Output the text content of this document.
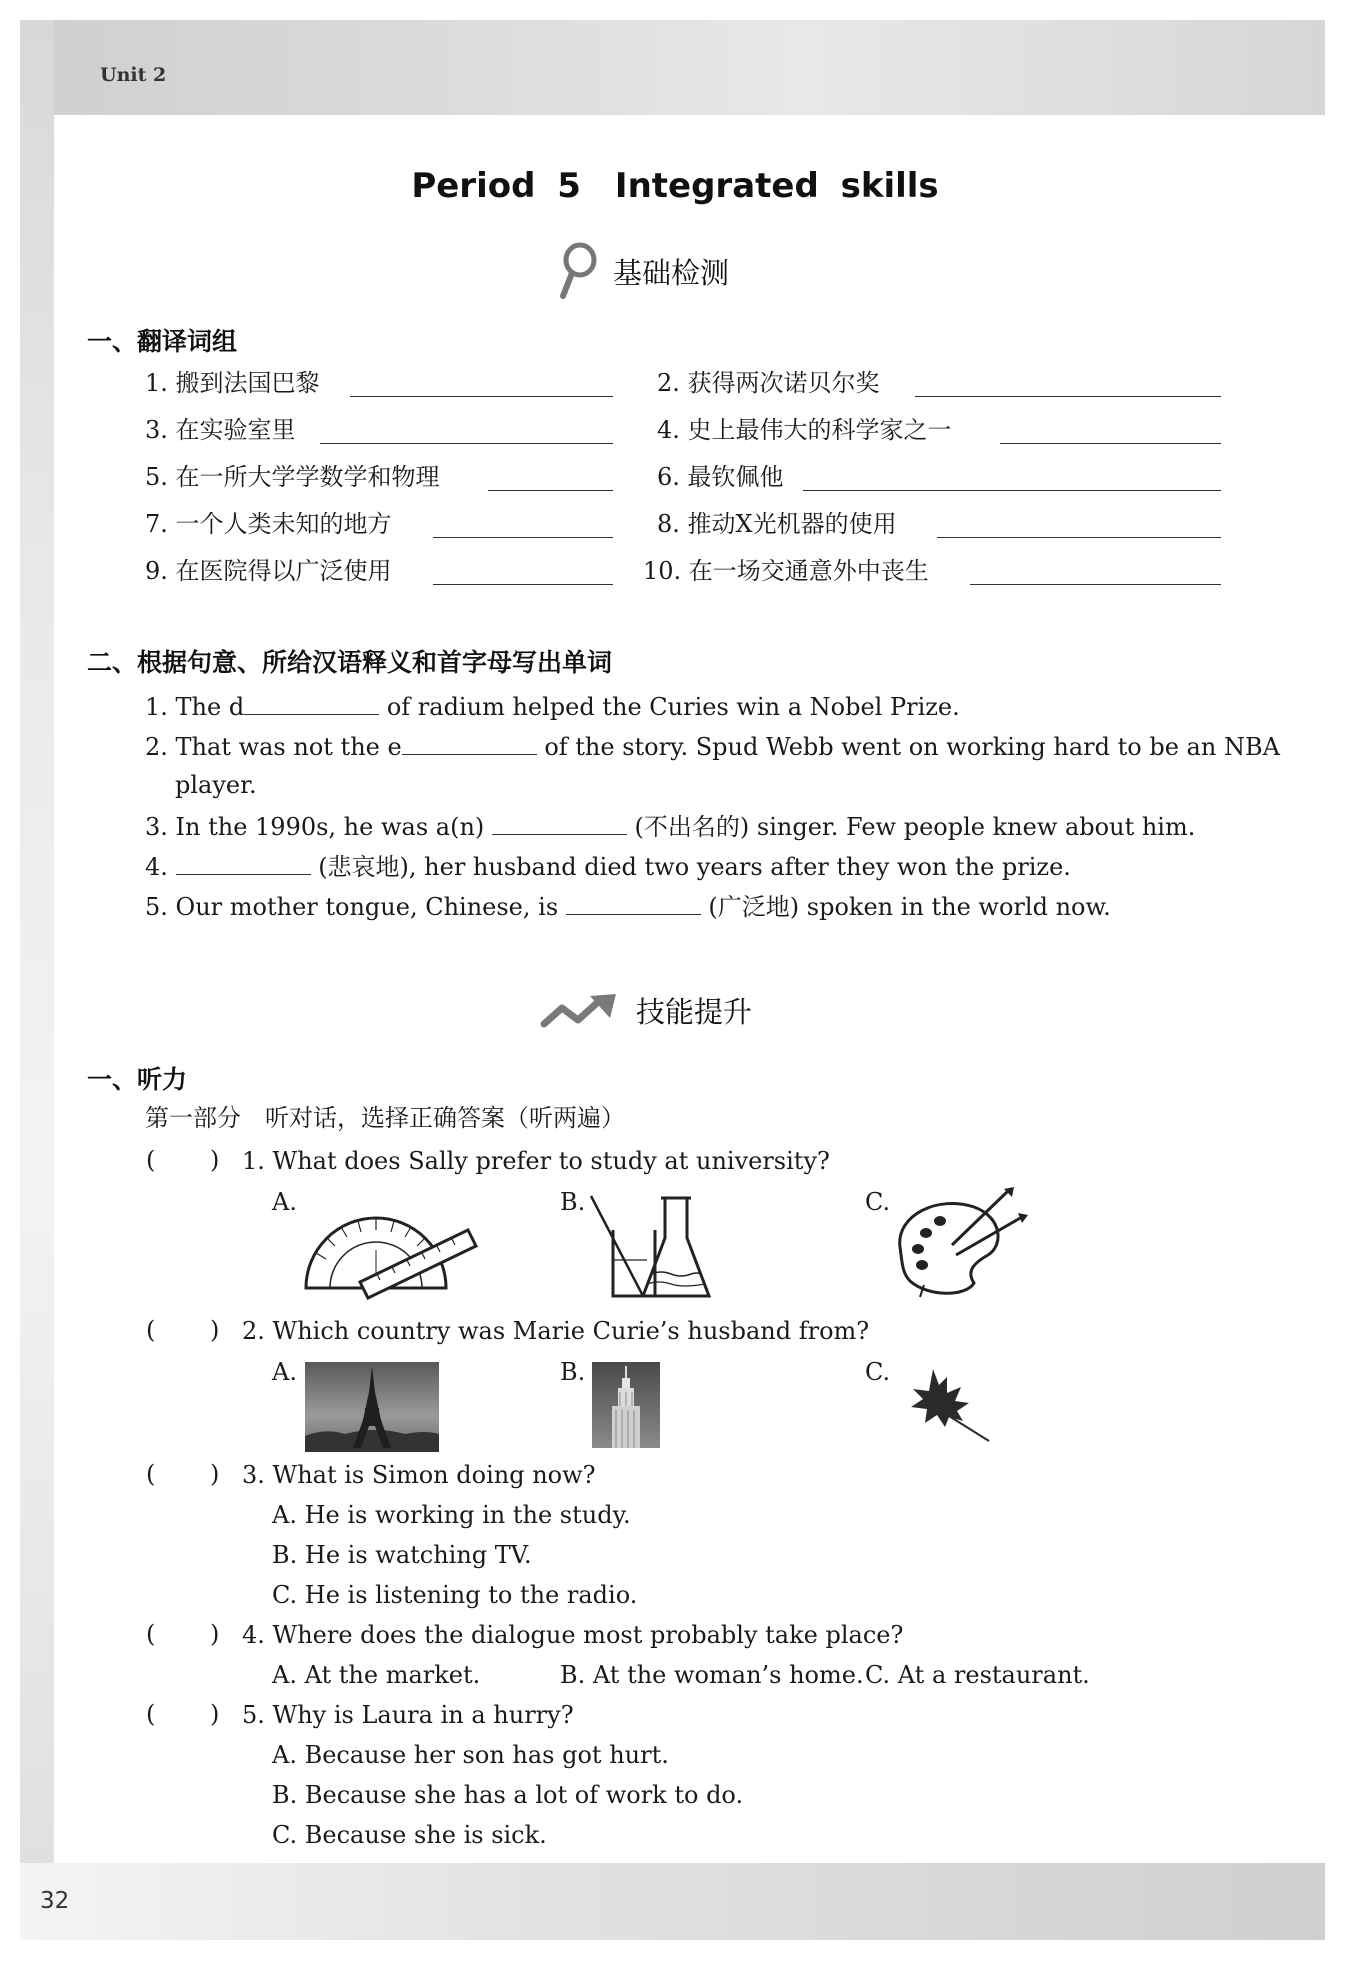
Unit 2
32
Period 5　Integrated skills
基础检测
一、翻译词组
1. 搬到法国巴黎	2. 获得两次诺贝尔奖
3. 在实验室里	4. 史上最伟大的科学家之一
5. 在一所大学学数学和物理	6. 最钦佩他
7. 一个人类未知的地方	8. 推动X光机器的使用
9. 在医院得以广泛使用	10. 在一场交通意外中丧生
二、根据句意、所给汉语释义和首字母写出单词
1. The d	of radium helped the Curies win a Nobel Prize.
2. That was not the e	of the story. Spud Webb went on working hard to be an NBA
player.
3. In the 1990s, he was a(n)	(不出名的) singer. Few people knew about him.
4.	(悲哀地), her husband died two years after they won the prize.
5. Our mother tongue, Chinese, is	(广泛地) spoken in the world now.
技能提升
一、听力
第一部分　听对话，选择正确答案（听两遍）
( ) 1. What does Sally prefer to study at university?
A.	B.	C.
( ) 2. Which country was Marie Curie’s husband from?
A.	B.	C.
( ) 3. What is Simon doing now?
A. He is working in the study.
B. He is watching TV.
C. He is listening to the radio.
( ) 4. Where does the dialogue most probably take place?
A. At the market.	B. At the woman’s home. C. At a restaurant.
( ) 5. Why is Laura in a hurry?
A. Because her son has got hurt.
B. Because she has a lot of work to do.
C. Because she is sick.
